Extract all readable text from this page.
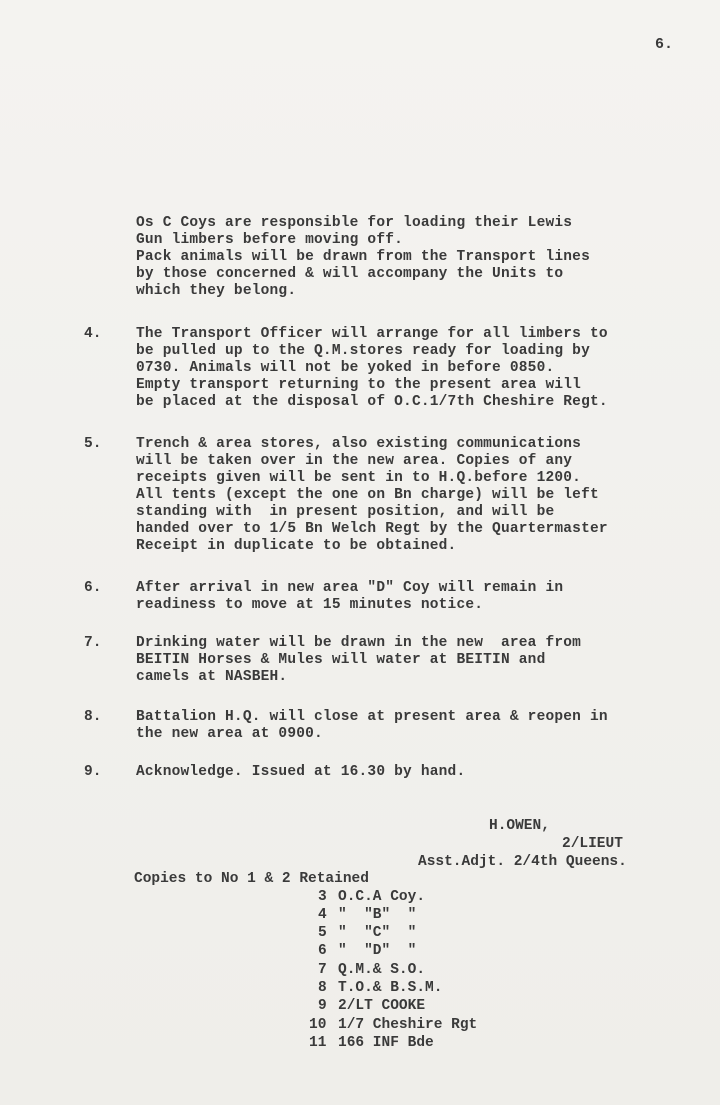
6.
Os C Coys are responsible for loading their Lewis
Gun limbers before moving off.
Pack animals will be drawn from the Transport lines
by those concerned & will accompany the Units to
which they belong.
4. The Transport Officer will arrange for all limbers to
be pulled up to the Q.M.stores ready for loading by
0730. Animals will not be yoked in before 0850.
Empty transport returning to the present area will
be placed at the disposal of O.C.1/7th Cheshire Regt.
5. Trench & area stores, also existing communications
will be taken over in the new area. Copies of any
receipts given will be sent in to H.Q.before 1200.
All tents (except the one on Bn charge) will be left
standing with  in present position, and will be
handed over to 1/5 Bn Welch Regt by the Quartermaster
Receipt in duplicate to be obtained.
6. After arrival in new area "D" Coy will remain in
readiness to move at 15 minutes notice.
7. Drinking water will be drawn in the new  area from
BEITIN Horses & Mules will water at BEITIN and
camels at NASBEH.
8. Battalion H.Q. will close at present area & reopen in
the new area at 0900.
9. Acknowledge. Issued at 16.30 by hand.
H.OWEN,
2/LIEUT
Asst.Adjt. 2/4th Queens.
Copies to No 1 & 2 Retained
3 O.C.A Coy.
4 "  "B"  "
5 "  "C"  "
6 "  "D"  "
7 Q.M.& S.O.
8 T.O.& B.S.M.
9 2/LT COOKE
10 1/7 Cheshire Rgt
11 166 INF Bde
